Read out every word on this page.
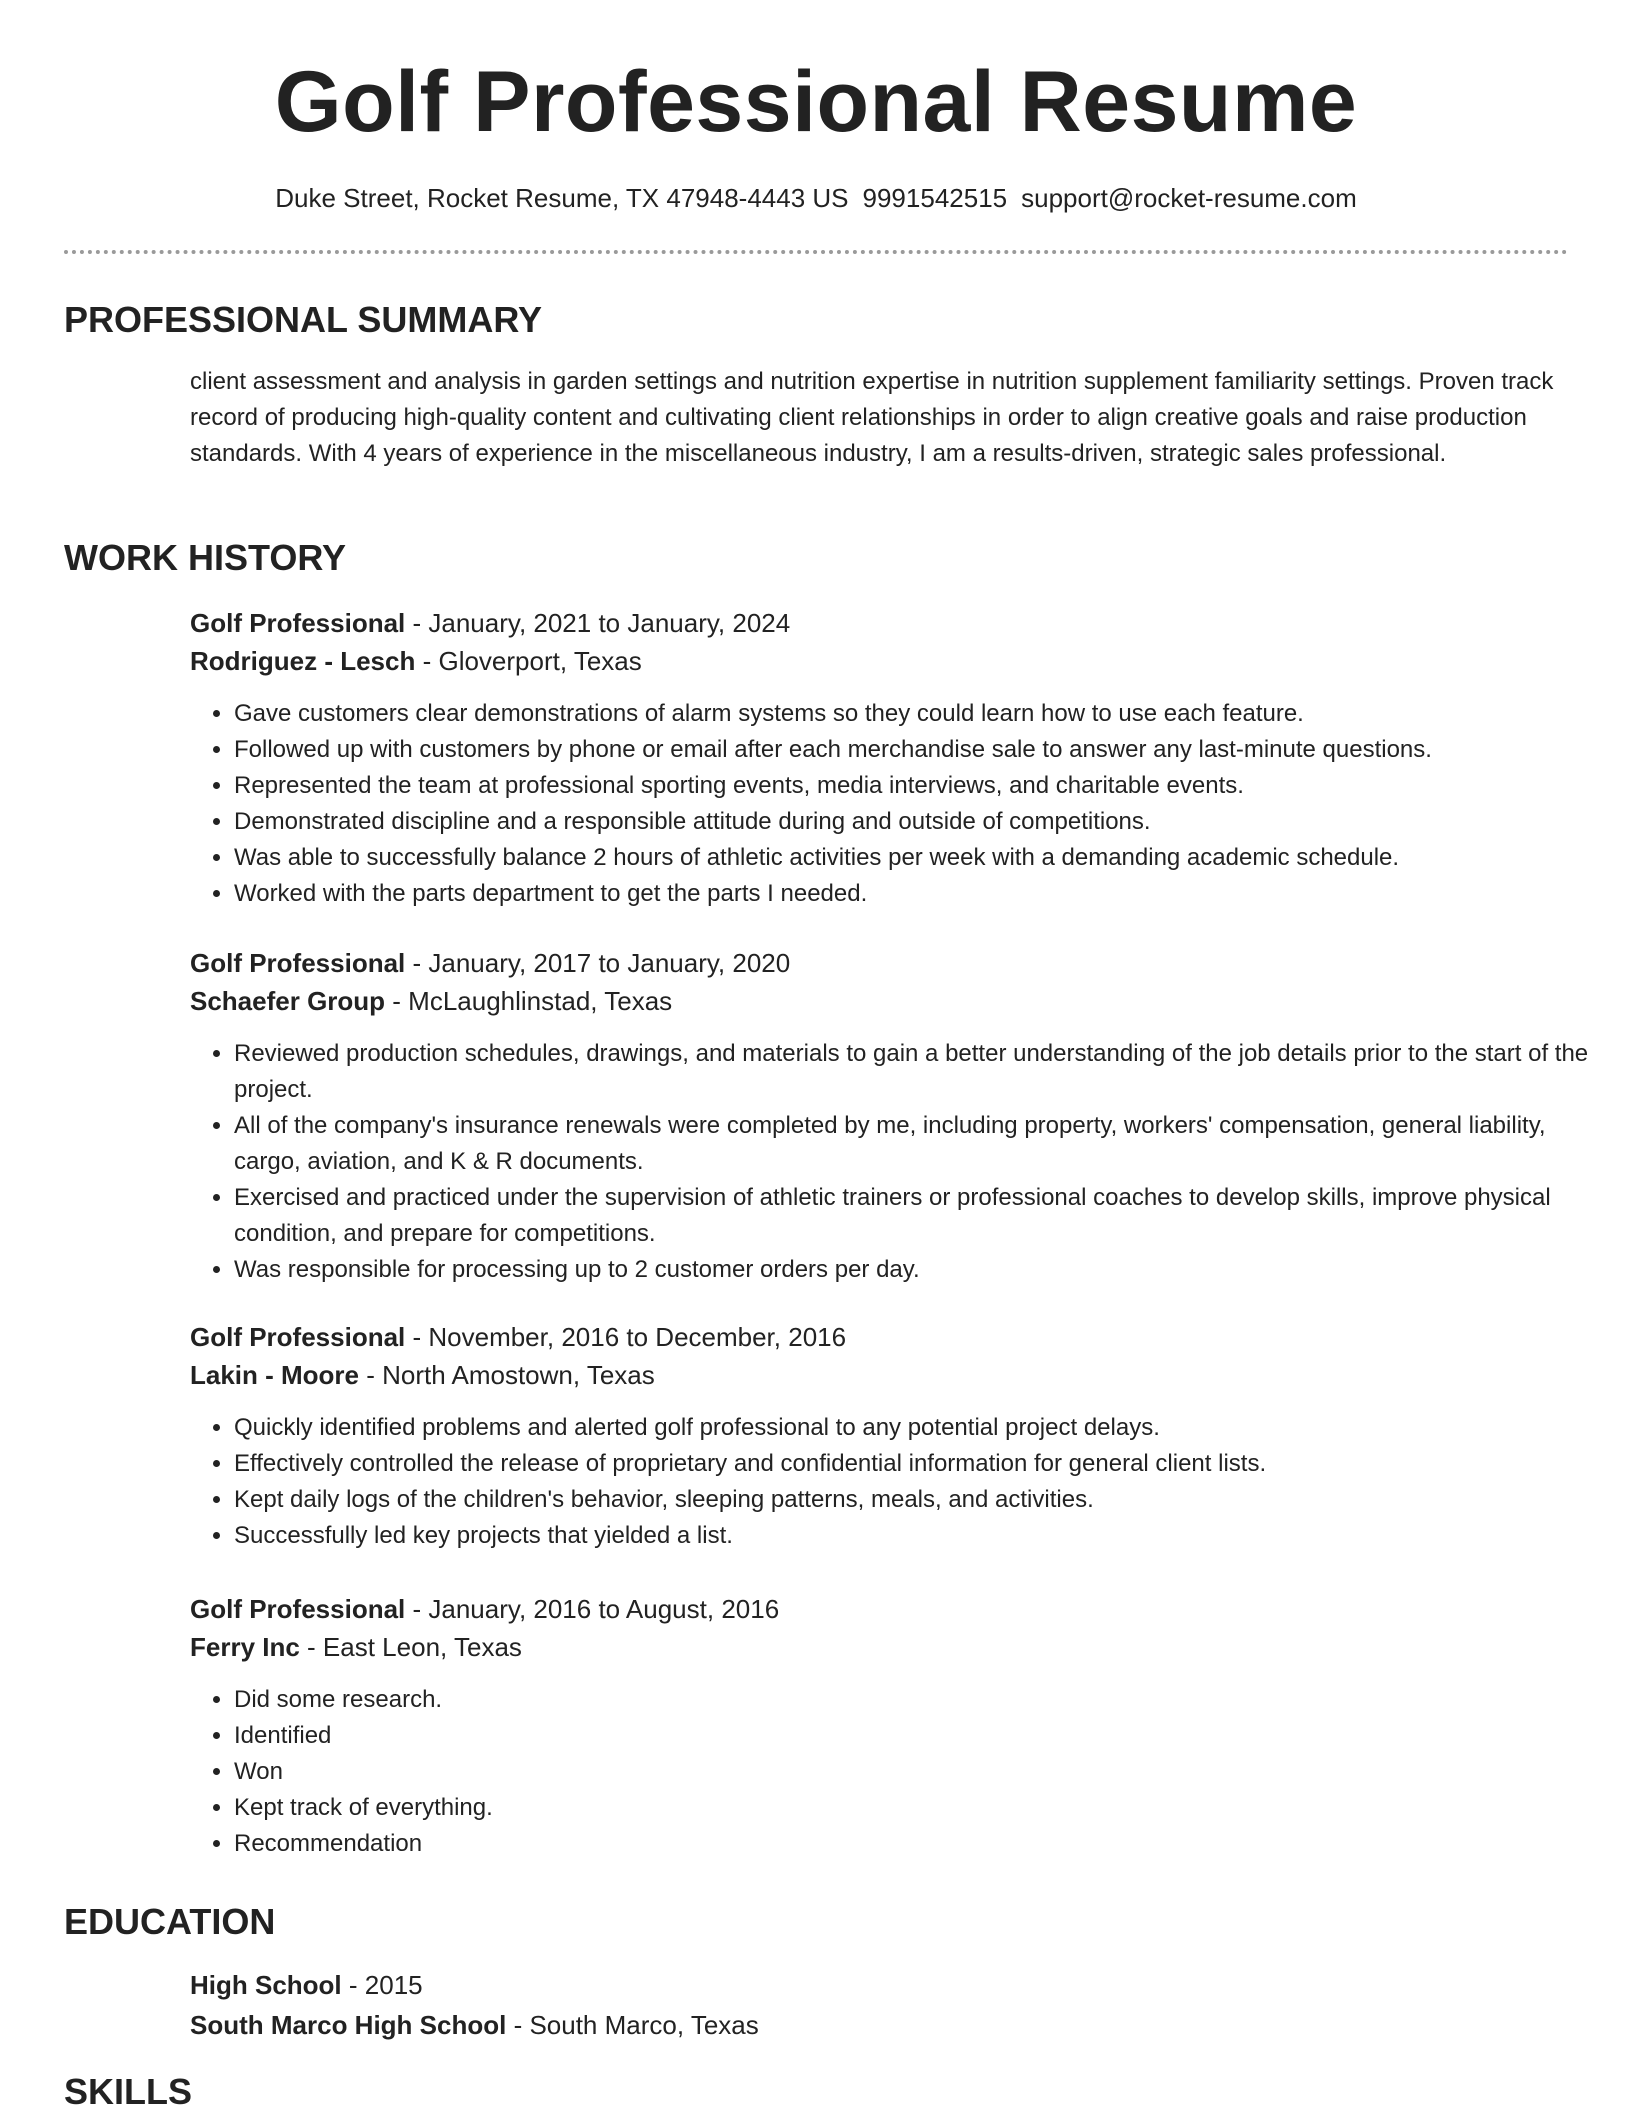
Golf Professional Resume
Duke Street, Rocket Resume, TX 47948-4443 US 9991542515 support@rocket-resume.com
PROFESSIONAL SUMMARY
client assessment and analysis in garden settings and nutrition expertise in nutrition supplement familiarity settings. Proven track record of producing high-quality content and cultivating client relationships in order to align creative goals and raise production standards. With 4 years of experience in the miscellaneous industry, I am a results-driven, strategic sales professional.
WORK HISTORY
Golf Professional - January, 2021 to January, 2024
Rodriguez - Lesch - Gloverport, Texas
• Gave customers clear demonstrations of alarm systems so they could learn how to use each feature.
• Followed up with customers by phone or email after each merchandise sale to answer any last-minute questions.
• Represented the team at professional sporting events, media interviews, and charitable events.
• Demonstrated discipline and a responsible attitude during and outside of competitions.
• Was able to successfully balance 2 hours of athletic activities per week with a demanding academic schedule.
• Worked with the parts department to get the parts I needed.
Golf Professional - January, 2017 to January, 2020
Schaefer Group - McLaughlinstad, Texas
• Reviewed production schedules, drawings, and materials to gain a better understanding of the job details prior to the start of the project.
• All of the company's insurance renewals were completed by me, including property, workers' compensation, general liability, cargo, aviation, and K & R documents.
• Exercised and practiced under the supervision of athletic trainers or professional coaches to develop skills, improve physical condition, and prepare for competitions.
• Was responsible for processing up to 2 customer orders per day.
Golf Professional - November, 2016 to December, 2016
Lakin - Moore - North Amostown, Texas
• Quickly identified problems and alerted golf professional to any potential project delays.
• Effectively controlled the release of proprietary and confidential information for general client lists.
• Kept daily logs of the children's behavior, sleeping patterns, meals, and activities.
• Successfully led key projects that yielded a list.
Golf Professional - January, 2016 to August, 2016
Ferry Inc - East Leon, Texas
• Did some research.
• Identified
• Won
• Kept track of everything.
• Recommendation
EDUCATION
High School - 2015
South Marco High School - South Marco, Texas
SKILLS
